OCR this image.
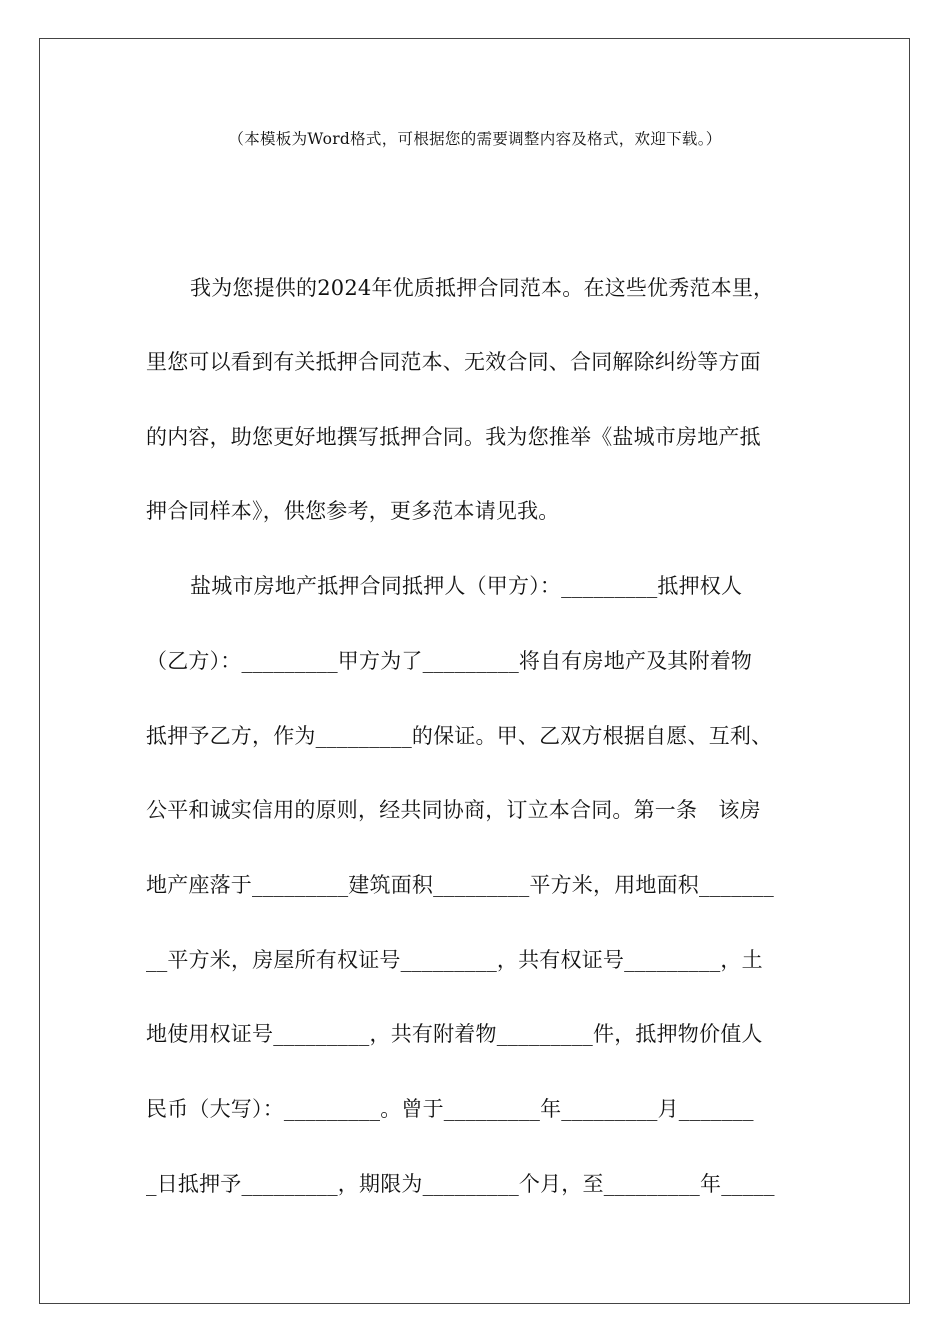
（本模板为Word格式，可根据您的需要调整内容及格式，欢迎下载。）
我为您提供的2024年优质抵押合同范本。在这些优秀范本里，
里您可以看到有关抵押合同范本、无效合同、合同解除纠纷等方面
的内容，助您更好地撰写抵押合同。我为您推举《盐城市房地产抵
押合同样本》，供您参考，更多范本请见我。
盐城市房地产抵押合同抵押人（甲方）：_________抵押权人
（乙方）：_________甲方为了_________将自有房地产及其附着物
抵押予乙方，作为_________的保证。甲、乙双方根据自愿、互利、
公平和诚实信用的原则，经共同协商，订立本合同。第一条　该房
地产座落于_________建筑面积_________平方米，用地面积_______
__平方米，房屋所有权证号_________，共有权证号_________，土
地使用权证号_________，共有附着物_________件，抵押物价值人
民币（大写）：_________。曾于_________年_________月_______
_日抵押予_________，期限为_________个月，至_________年_____
